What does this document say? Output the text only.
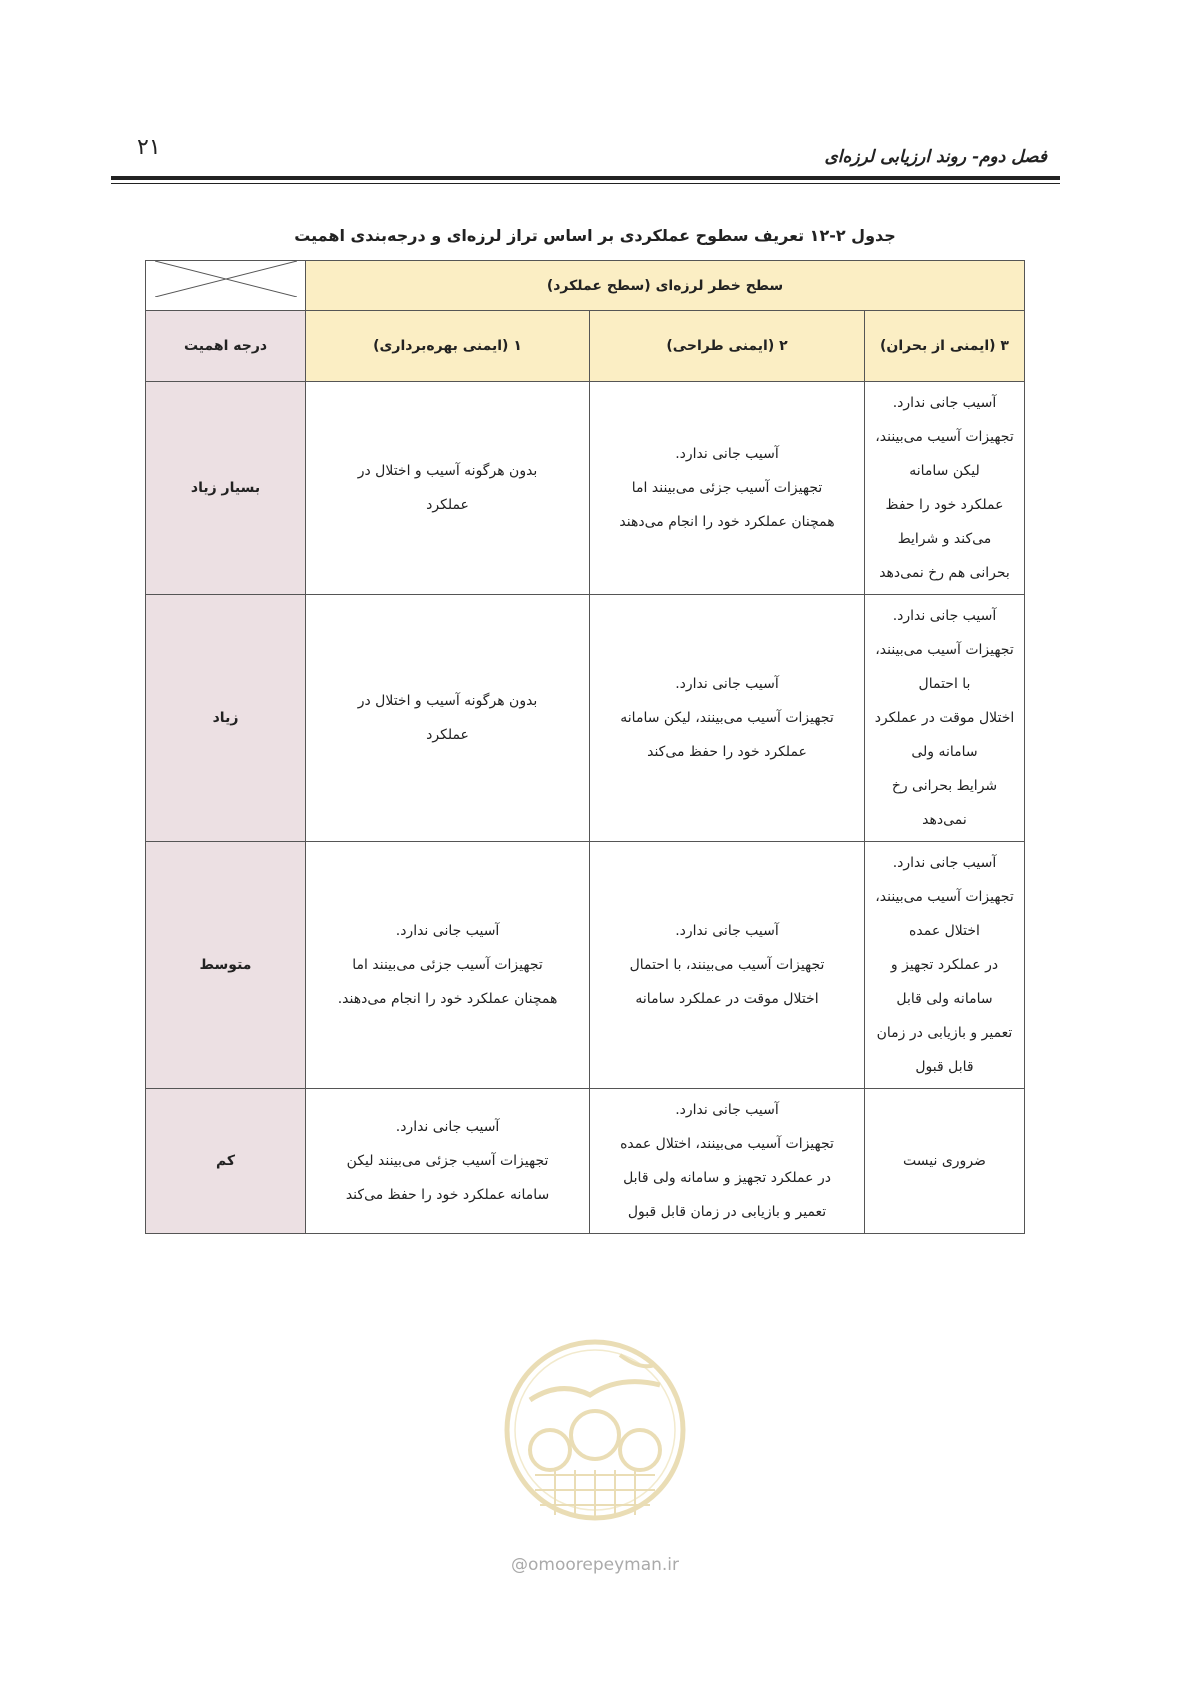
۲۱	فصل دوم- روند ارزیابی لرزه‌ای
جدول ۲-۱۲ تعریف سطوح عملکردی بر اساس تراز لرزه‌ای و درجه‌بندی اهمیت
سطح خطر لرزه‌ای (سطح عملکرد)	
۳ (ایمنی از بحران)	۲ (ایمنی طراحی)	۱ (ایمنی بهره‌برداری)	درجه اهمیت

آسیب جانی ندارد.
تجهیزات آسیب می‌بینند، لیکن سامانه
عملکرد خود را حفظ می‌کند و شرایط
بحرانی هم رخ نمی‌دهد	آسیب جانی ندارد.
تجهیزات آسیب جزئی می‌بینند اما
همچنان عملکرد خود را انجام می‌دهند	بدون هرگونه آسیب و اختلال در
عملکرد	بسیار زیاد

آسیب جانی ندارد.
تجهیزات آسیب می‌بینند، با احتمال
اختلال موقت در عملکرد سامانه ولی
شرایط بحرانی رخ نمی‌دهد	آسیب جانی ندارد.
تجهیزات آسیب می‌بینند، لیکن سامانه
عملکرد خود را حفظ می‌کند	بدون هرگونه آسیب و اختلال در
عملکرد	زیاد

آسیب جانی ندارد.
تجهیزات آسیب می‌بینند، اختلال عمده
در عملکرد تجهیز و سامانه ولی قابل
تعمیر و بازیابی در زمان قابل قبول	آسیب جانی ندارد.
تجهیزات آسیب می‌بینند، با احتمال
اختلال موقت در عملکرد سامانه	آسیب جانی ندارد.
تجهیزات آسیب جزئی می‌بینند اما
همچنان عملکرد خود را انجام می‌دهند.	متوسط

ضروری نیست	آسیب جانی ندارد.
تجهیزات آسیب می‌بینند، اختلال عمده
در عملکرد تجهیز و سامانه ولی قابل
تعمیر و بازیابی در زمان قابل قبول	آسیب جانی ندارد.
تجهیزات آسیب جزئی می‌بینند لیکن
سامانه عملکرد خود را حفظ می‌کند	کم
@omoorepeyman.ir
